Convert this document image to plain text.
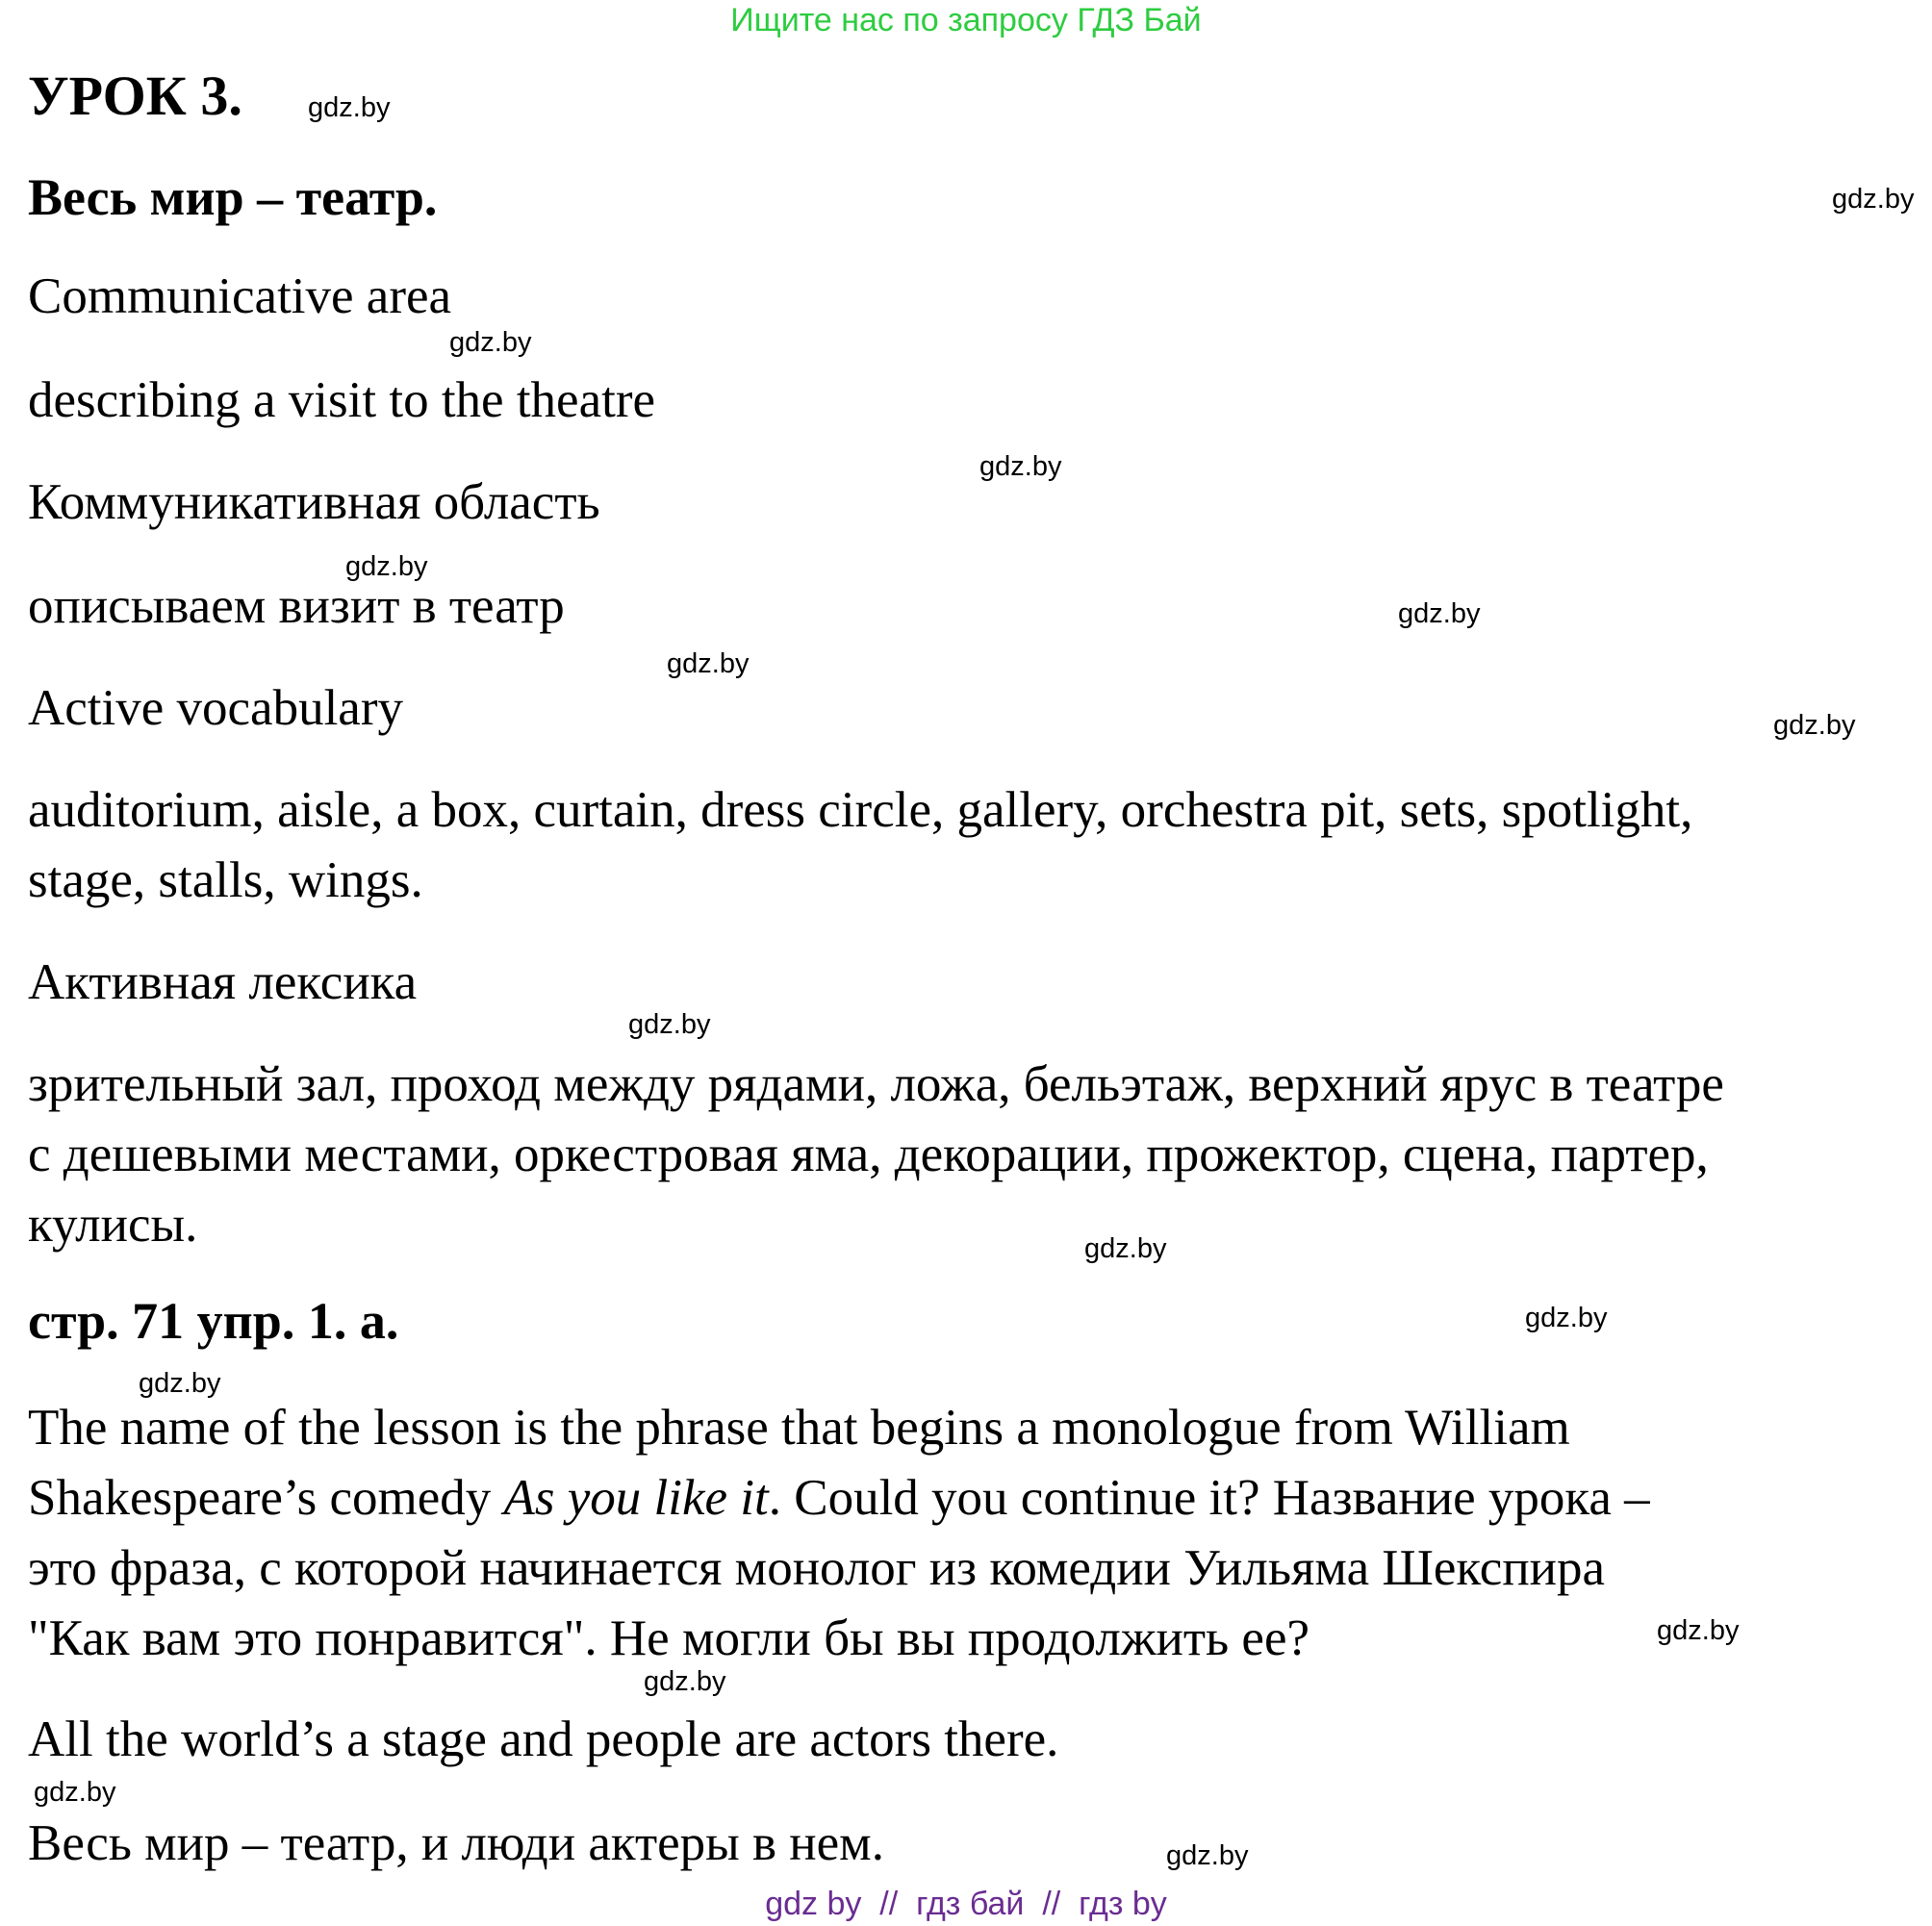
Ищите нас по запросу ГДЗ Бай
УРОК 3.
Весь мир – театр.
Communicative area
describing a visit to the theatre
Коммуникативная область
описываем визит в театр
Active vocabulary

auditorium, aisle, a box, curtain, dress circle, gallery, orchestra pit, sets, spotlight,

stage, stalls, wings.

Активная лексика

зрительный зал, проход между рядами, ложа, бельэтаж, верхний ярус в театре

с дешевыми местами, оркестровая яма, декорации, прожектор, сцена, партер,

кулисы.

стр. 71 упр. 1. а.

The name of the lesson is the phrase that begins a monologue from William

Shakespeare’s comedy As you like it. Could you continue it? Название урока –

это фраза, с которой начинается монолог из комедии Уильяма Шекспира

"Как вам это понравится". Не могли бы вы продолжить ее?

All the world’s a stage and people are actors there.
Весь мир – театр, и люди актеры в нем.
gdz.by
gdz.by
gdz.by
gdz.by
gdz.by
gdz.by
gdz.by
gdz.by
gdz.by
gdz.by
gdz.by
gdz.by
gdz.by
gdz.by
gdz.by
gdz.by
gdz by  //  гдз бай  //  гдз by
